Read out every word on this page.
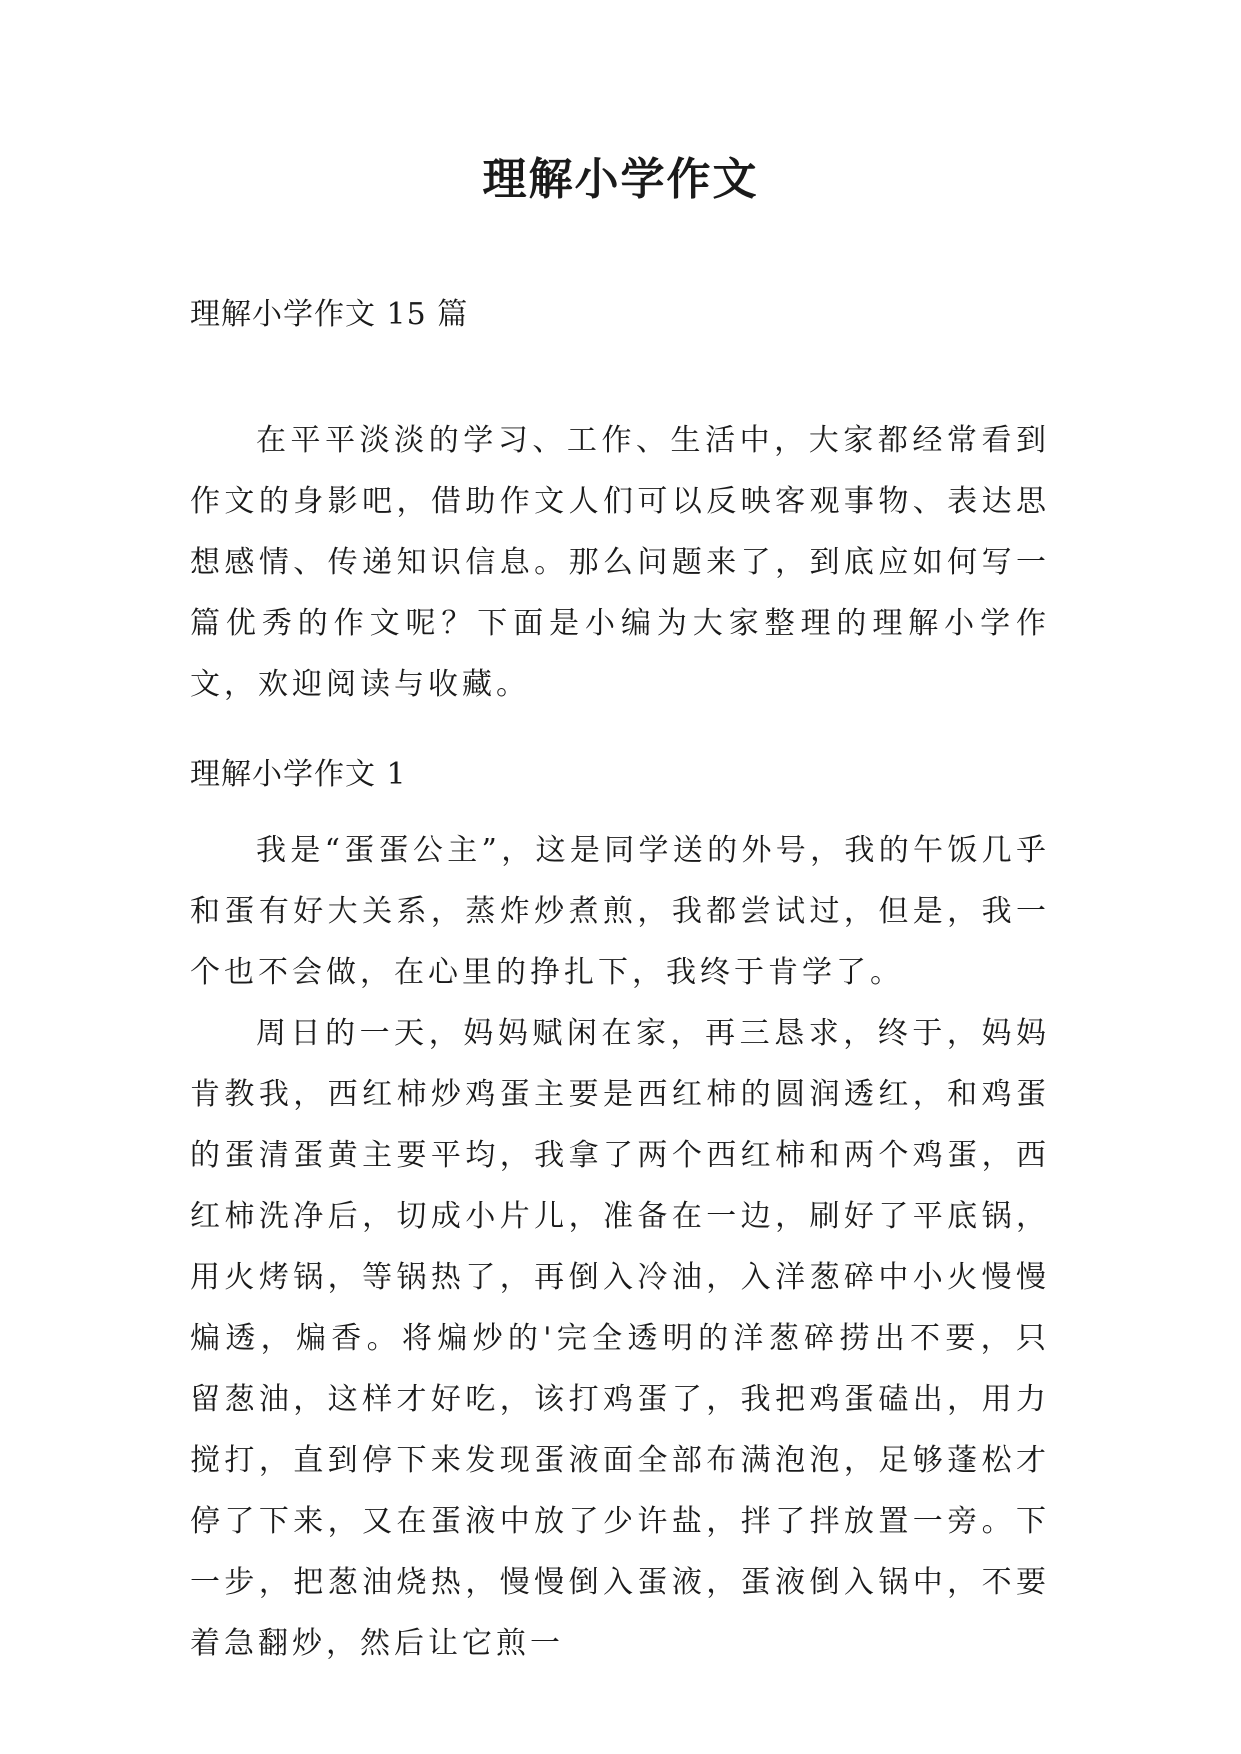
理解小学作文
理解小学作文 15 篇

在平平淡淡的学习、工作、生活中，大家都经常看到作文的身影吧，借助作文人们可以反映客观事物、表达思想感情、传递知识信息。那么问题来了，到底应如何写一篇优秀的作文呢？下面是小编为大家整理的理解小学作文，欢迎阅读与收藏。

理解小学作文 1

我是“蛋蛋公主”，这是同学送的外号，我的午饭几乎和蛋有好大关系，蒸炸炒煮煎，我都尝试过，但是，我一个也不会做，在心里的挣扎下，我终于肯学了。

周日的一天，妈妈赋闲在家，再三恳求，终于，妈妈肯教我，西红柿炒鸡蛋主要是西红柿的圆润透红，和鸡蛋的蛋清蛋黄主要平均，我拿了两个西红柿和两个鸡蛋，西红柿洗净后，切成小片儿，准备在一边，刷好了平底锅，用火烤锅，等锅热了，再倒入冷油，入洋葱碎中小火慢慢煸透，煸香。将煸炒的'完全透明的洋葱碎捞出不要，只留葱油，这样才好吃，该打鸡蛋了，我把鸡蛋磕出，用力搅打，直到停下来发现蛋液面全部布满泡泡，足够蓬松才停了下来，又在蛋液中放了少许盐，拌了拌放置一旁。下一步，把葱油烧热，慢慢倒入蛋液，蛋液倒入锅中，不要着急翻炒，然后让它煎一
